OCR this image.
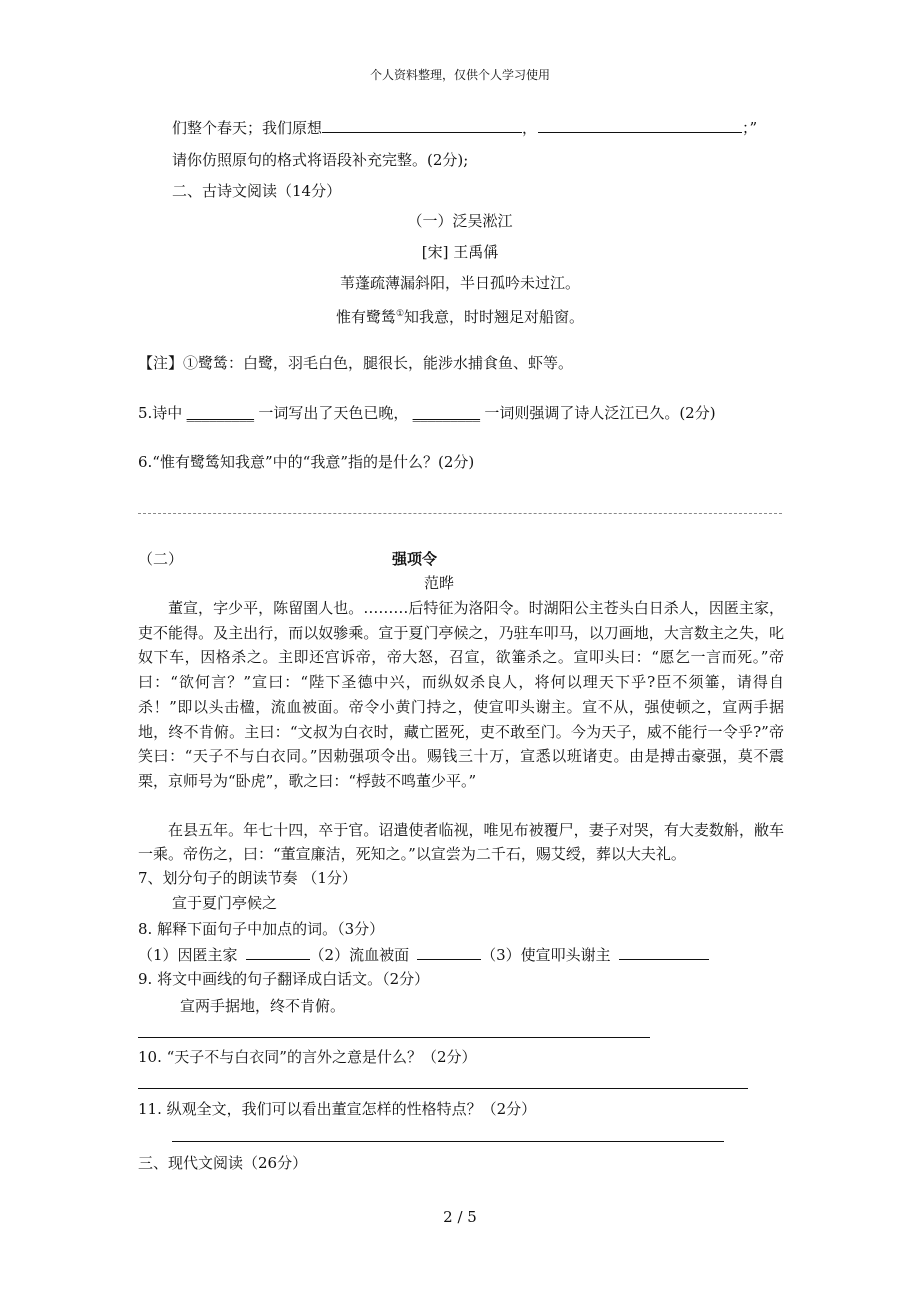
个人资料整理，仅供个人学习使用
们整个春天；我们原想	，	；”
请你仿照原句的格式将语段补充完整。(2分);
二、古诗文阅读（14分）
（一）泛吴淞江
[宋] 王禹偁
苇蓬疏薄漏斜阳，半日孤吟未过江。
惟有鹭鸶①知我意，时时翘足对船窗。
【注】①鹭鸶：白鹭，羽毛白色，腿很长，能涉水捕食鱼、虾等。
5.诗中 _________ 一词写出了天色已晚， _________ 一词则强调了诗人泛江已久。(2分)
6.“惟有鹭鸶知我意”中的“我意”指的是什么？(2分)
（二）	强项令
范晔
董宣，字少平，陈留圉人也。………后特征为洛阳令。时湖阳公主苍头白日杀人，因匿主家，吏不能得。及主出行，而以奴骖乘。宣于夏门亭候之，乃驻车叩马，以刀画地，大言数主之失，叱奴下车，因格杀之。主即还宫诉帝，帝大怒，召宣，欲箠杀之。宣叩头曰：“愿乞一言而死。”帝曰：“欲何言？”宣曰：“陛下圣德中兴，而纵奴杀良人，将何以理天下乎?臣不须箠，请得自杀！”即以头击楹，流血被面。帝令小黄门持之，使宣叩头谢主。宣不从，强使顿之，宣两手据地，终不肯俯。主曰：“文叔为白衣时，藏亡匿死，吏不敢至门。今为天子，威不能行一令乎?”帝笑曰：“天子不与白衣同。”因勅强项令出。赐钱三十万，宣悉以班诸吏。由是搏击豪强，莫不震栗，京师号为“卧虎”，歌之曰：“桴鼓不鸣董少平。”
在县五年。年七十四，卒于官。诏遣使者临视，唯见布被覆尸，妻子对哭，有大麦数斛，敝车一乘。帝伤之，曰：“董宣廉洁，死知之。”以宣尝为二千石，赐艾绶，葬以大夫礼。
7、划分句子的朗读节奏 （1分）
宣于夏门亭候之
8. 解释下面句子中加点的词。（3分）
（1）因匿主家	（2）流血被面	（3）使宣叩头谢主
9. 将文中画线的句子翻译成白话文。（2分）
宣两手据地，终不肯俯。
10. “天子不与白衣同”的言外之意是什么？（2分）
11. 纵观全文，我们可以看出董宣怎样的性格特点？（2分）
三、现代文阅读（26分）
2 / 5
